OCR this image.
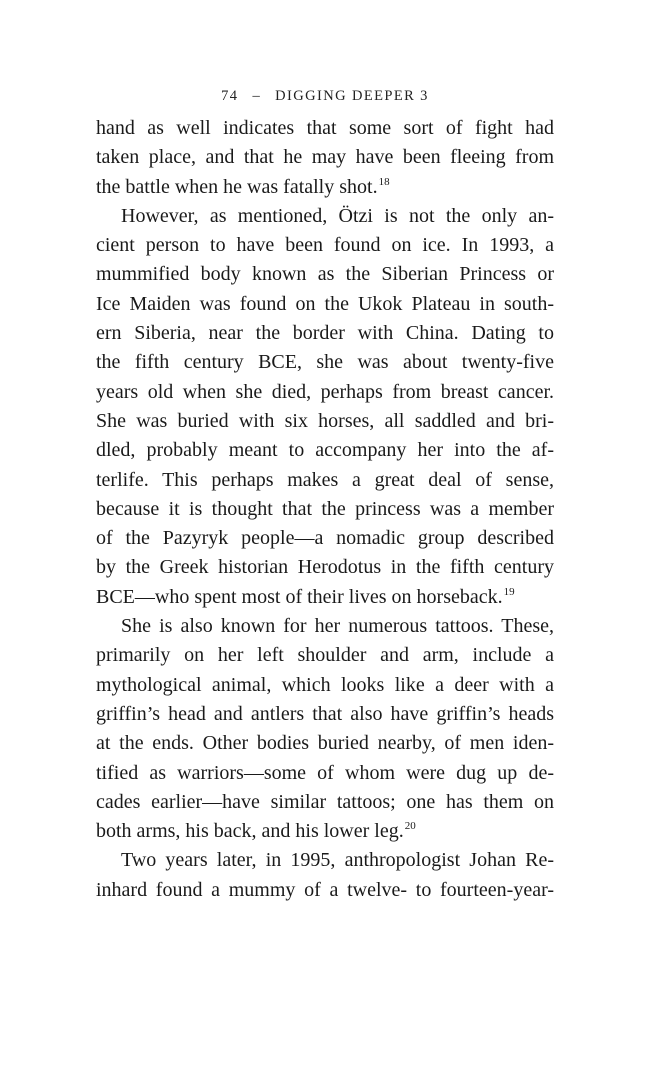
74 – DIGGING DEEPER 3
hand as well indicates that some sort of fight had
taken place, and that he may have been fleeing from
the battle when he was fatally shot.$^{18}$
However, as mentioned, Ötzi is not the only an-
cient person to have been found on ice. In 1993, a
mummified body known as the Siberian Princess or
Ice Maiden was found on the Ukok Plateau in south-
ern Siberia, near the border with China. Dating to
the fifth century BCE, she was about twenty-five
years old when she died, perhaps from breast cancer.
She was buried with six horses, all saddled and bri-
dled, probably meant to accompany her into the af-
terlife. This perhaps makes a great deal of sense,
because it is thought that the princess was a member
of the Pazyryk people—a nomadic group described
by the Greek historian Herodotus in the fifth century
BCE—who spent most of their lives on horseback.$^{19}$
She is also known for her numerous tattoos. These,
primarily on her left shoulder and arm, include a
mythological animal, which looks like a deer with a
griffin’s head and antlers that also have griffin’s heads
at the ends. Other bodies buried nearby, of men iden-
tified as warriors—some of whom were dug up de-
cades earlier—have similar tattoos; one has them on
both arms, his back, and his lower leg.$^{20}$
Two years later, in 1995, anthropologist Johan Re-
inhard found a mummy of a twelve- to fourteen-year-
